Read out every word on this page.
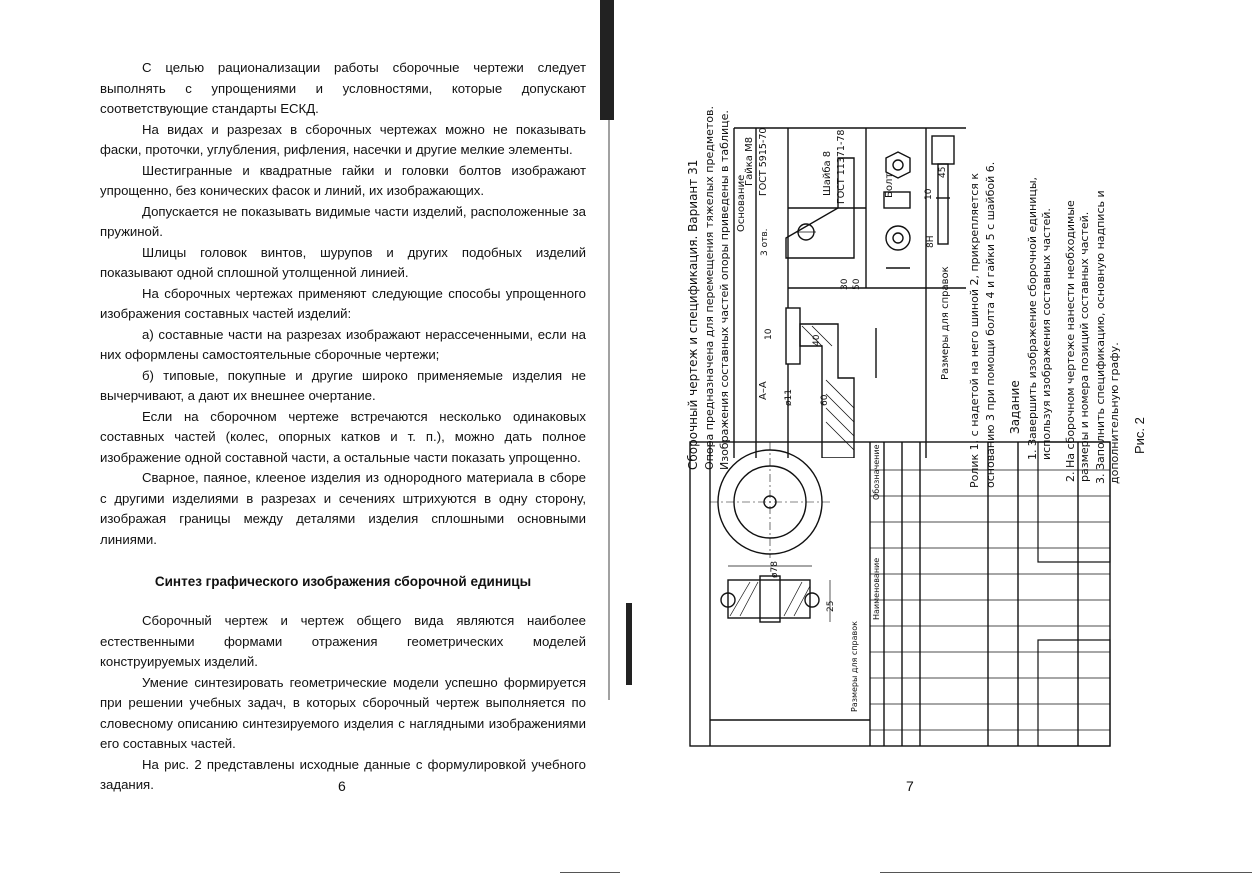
С целью рационализации работы сборочные чертежи следует выполнять с упрощениями и условностями, которые допускают соответствующие стандарты ЕСКД.

На видах и разрезах в сборочных чертежах можно не показывать фаски, проточки, углубления, рифления, насечки и другие мелкие элементы.

Шестигранные и квадратные гайки и головки болтов изображают упрощенно, без конических фасок и линий, их изображающих.

Допускается не показывать видимые части изделий, расположенные за пружиной.

Шлицы головок винтов, шурупов и других подобных изделий показывают одной сплошной утолщенной линией.

На сборочных чертежах применяют следующие способы упрощенного изображения составных частей изделий:

а) составные части на разрезах изображают нерассеченными, если на них оформлены самостоятельные сборочные чертежи;

б) типовые, покупные и другие широко применяемые изделия не вычерчивают, а дают их внешнее очертание.

Если на сборочном чертеже встречаются несколько одинаковых составных частей (колес, опорных катков и т. п.), можно дать полное изображение одной составной части, а остальные части показать упрощенно.

Сварное, паяное, клееное изделия из однородного материала в сборе с другими изделиями в разрезах и сечениях штрихуются в одну сторону, изображая границы между деталями изделия сплошными основными линиями.

Синтез графического изображения сборочной единицы

Сборочный чертеж и чертеж общего вида являются наиболее естественными формами отражения геометрических моделей конструируемых изделий.

Умение синтезировать геометрические модели успешно формируется при решении учебных задач, в которых сборочный чертеж выполняется по словесному описанию синтезируемого изделия с наглядными изображениями его составных частей.

На рис. 2 представлены исходные данные с формулировкой учебного задания.	6
Сборочный чертеж и спецификация. Вариант 31 Опора предназначена для перемещения тяжелых предметов. Изображения составных частей опоры приведены в таблице. Основание
А–А
Гайка М8 ГОСТ 5915-70	Шайба 8 ГОСТ 11371-78	Болт
Размеры для справок
10
40
ø11	60
30 50
3 отв.
10
45
8Н	Ролик 1, с надетой на него шиной 2, прикрепляется к основанию 3 при помощи болта 4 и гайки 5 с шайбой 6. Задание 1. Завершить изображение сборочной единицы, используя изображения составных частей. 2. На сборочном чертеже нанести необходимые размеры и номера позиций составных частей. 3. Заполнить спецификацию, основную надпись и дополнительную графу.
ø78
25	Наименование
Обозначение
Размеры для справок
Рис. 2
7
